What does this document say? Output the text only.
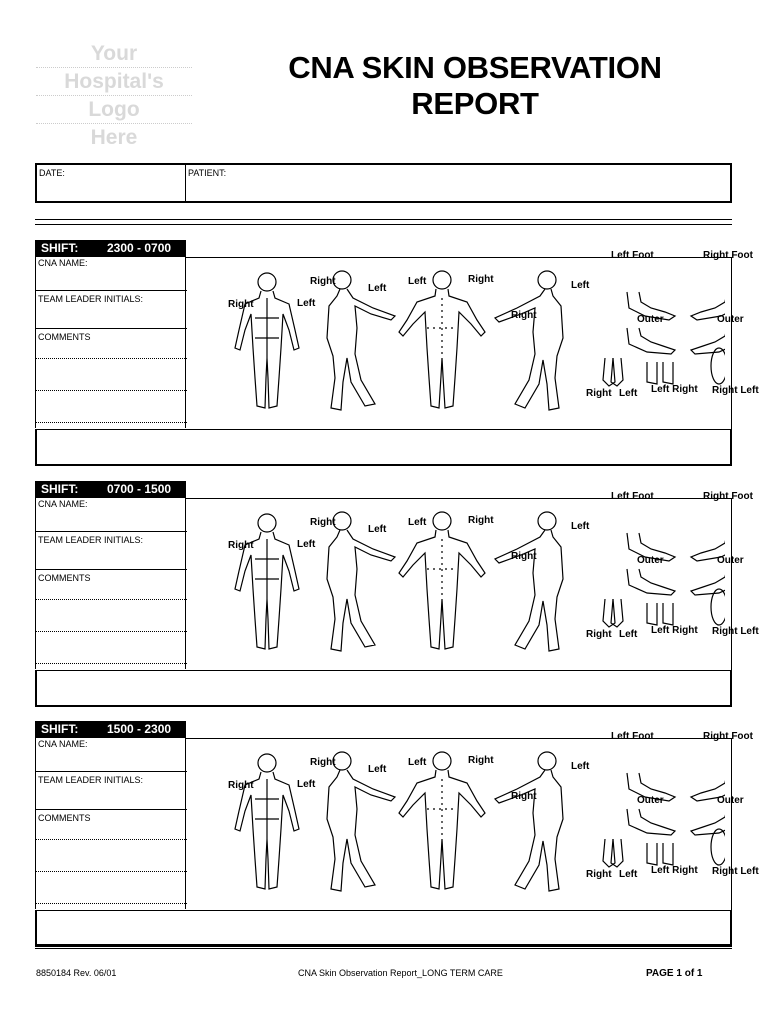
Your
Hospital's
Logo
Here
CNA SKIN OBSERVATION
REPORT
DATE:	PATIENT:
SHIFT: 2300 - 0700
CNA NAME:
TEAM LEADER INITIALS:
COMMENTS
Right
Left
Left	Right
Right	Left
Left
Right
Left Foot	Right Foot
Outer	Outer
Right Left Left Right Right Left
SHIFT: 0700 - 1500
CNA NAME:
TEAM LEADER INITIALS:
COMMENTS
Right
Left
Left	Right
Right	Left
Left
Right
Left Foot	Right Foot
Outer	Outer
Right Left Left Right Right Left
SHIFT: 1500 - 2300
CNA NAME:
TEAM LEADER INITIALS:
COMMENTS
Right
Left
Left	Right
Right	Left
Left
Right
Left Foot	Right Foot
Outer	Outer
Right Left Left Right Right Left
8850184 Rev. 06/01	CNA Skin Observation Report_LONG TERM CARE	PAGE 1 of 1
